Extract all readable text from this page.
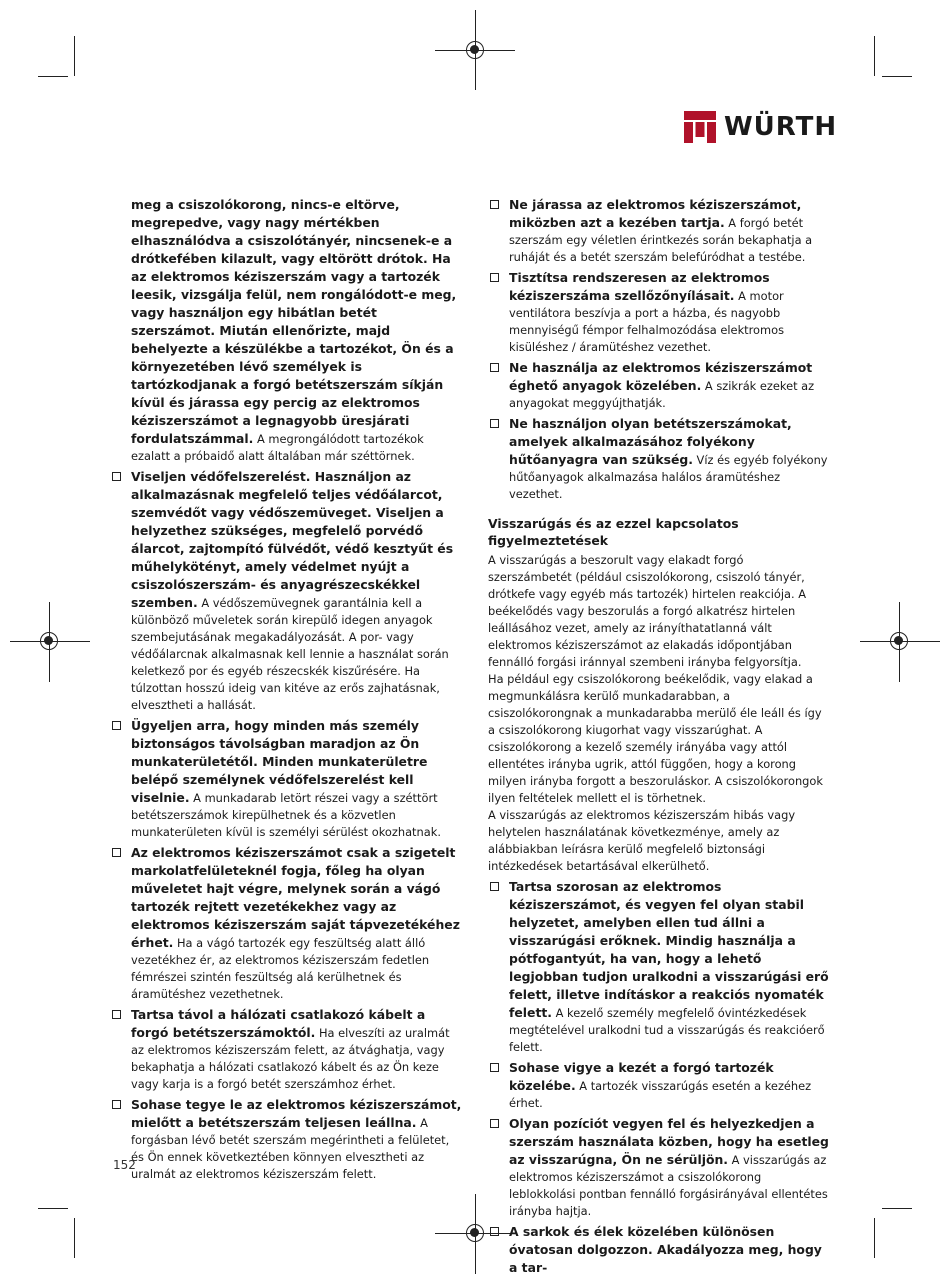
WÜRTH
meg a csiszolókorong, nincs-e eltörve, megrepedve, vagy nagy mértékben elhasználódva a csiszolótányér, nincsenek-e a drótkefében kilazult, vagy eltörött drótok. Ha az elektromos kéziszerszám vagy a tartozék leesik, vizsgálja felül, nem rongálódott-e meg, vagy használjon egy hibátlan betét szerszámot. Miután ellenőrizte, majd behelyezte a készülékbe a tartozékot, Ön és a környezetében lévő személyek is tartózkodjanak a forgó betétszerszám síkján kívül és járassa egy percig az elektromos kéziszerszámot a legnagyobb üresjárati fordulatszámmal. A megrongálódott tartozékok ezalatt a próbaidő alatt általában már széttörnek.
Viseljen védőfelszerelést. Használjon az alkalmazásnak megfelelő teljes védőálarcot, szemvédőt vagy védőszemüveget. Viseljen a helyzethez szükséges, megfelelő porvédő álarcot, zajtompító fülvédőt, védő kesztyűt és műhelykötényt, amely védelmet nyújt a csiszolószerszám- és anyagrészecskékkel szemben. A védőszemüvegnek garantálnia kell a különböző műveletek során kirepülő idegen anyagok szembejutásának megakadályozását. A por- vagy védőálarcnak alkalmasnak kell lennie a használat során keletkező por és egyéb részecskék kiszűrésére. Ha túlzottan hosszú ideig van kitéve az erős zajhatásnak, elvesztheti a hallását.
Ügyeljen arra, hogy minden más személy biztonságos távolságban maradjon az Ön munkaterületétől. Minden munkaterületre belépő személynek védőfelszerelést kell viselnie. A munkadarab letört részei vagy a széttört betétszerszámok kirepülhetnek és a közvetlen munkaterületen kívül is személyi sérülést okozhatnak.
Az elektromos kéziszerszámot csak a szigetelt markolatfelületeknél fogja, főleg ha olyan műveletet hajt végre, melynek során a vágó tartozék rejtett vezetékekhez vagy az elektromos kéziszerszám saját tápvezetékéhez érhet. Ha a vágó tartozék egy feszültség alatt álló vezetékhez ér, az elektromos kéziszerszám fedetlen fémrészei szintén feszültség alá kerülhetnek és áramütéshez vezethetnek.
Tartsa távol a hálózati csatlakozó kábelt a forgó betétszerszámoktól. Ha elveszíti az uralmát az elektromos kéziszerszám felett, az átvághatja, vagy bekaphatja a hálózati csatlakozó kábelt és az Ön keze vagy karja is a forgó betét szerszámhoz érhet.
Sohase tegye le az elektromos kéziszerszámot, mielőtt a betétszerszám teljesen leállna. A forgásban lévő betét szerszám megérintheti a felületet, és Ön ennek következtében könnyen elvesztheti az uralmát az elektromos kéziszerszám felett.
Ne járassa az elektromos kéziszerszámot, miközben azt a kezében tartja. A forgó betét szerszám egy véletlen érintkezés során bekaphatja a ruháját és a betét szerszám belefúródhat a testébe.
Tisztítsa rendszeresen az elektromos kéziszerszáma szellőzőnyílásait. A motor ventilátora beszívja a port a házba, és nagyobb mennyiségű fémpor felhalmozódása elektromos kisüléshez / áramütéshez vezethet.
Ne használja az elektromos kéziszerszámot éghető anyagok közelében. A szikrák ezeket az anyagokat meggyújthatják.
Ne használjon olyan betétszerszámokat, amelyek alkalmazásához folyékony hűtőanyagra van szükség. Víz és egyéb folyékony hűtőanyagok alkalmazása halálos áramütéshez vezethet.
Visszarúgás és az ezzel kapcsolatos figyelmeztetések

A visszarúgás a beszorult vagy elakadt forgó szerszámbetét (például csiszolókorong, csiszoló tányér, drótkefe vagy egyéb más tartozék) hirtelen reakciója. A beékelődés vagy beszorulás a forgó alkatrész hirtelen leállásához vezet, amely az irányíthatatlanná vált elektromos kéziszerszámot az elakadás időpontjában fennálló forgási iránnyal szembeni irányba felgyorsítja.

Ha például egy csiszolókorong beékelődik, vagy elakad a megmunkálásra kerülő munkadarabban, a csiszolókorongnak a munkadarabba merülő éle leáll és így a csiszolókorong kiugorhat vagy visszarúghat. A csiszolókorong a kezelő személy irányába vagy attól ellentétes irányba ugrik, attól függően, hogy a korong milyen irányba forgott a beszoruláskor. A csiszolókorongok ilyen feltételek mellett el is törhetnek.

A visszarúgás az elektromos kéziszerszám hibás vagy helytelen használatának következménye, amely az alábbiakban leírásra kerülő megfelelő biztonsági intézkedések betartásával elkerülhető.

Tartsa szorosan az elektromos kéziszerszámot, és vegyen fel olyan stabil helyzetet, amelyben ellen tud állni a visszarúgási erőknek. Mindig használja a pótfogantyút, ha van, hogy a lehető legjobban tudjon uralkodni a visszarúgási erő felett, illetve indításkor a reakciós nyomaték felett. A kezelő személy megfelelő óvintézkedések megtételével uralkodni tud a visszarúgás és reakcióerő felett.
Sohase vigye a kezét a forgó tartozék közelébe. A tartozék visszarúgás esetén a kezéhez érhet.
Olyan pozíciót vegyen fel és helyezkedjen a szerszám használata közben, hogy ha esetleg az visszarúgna, Ön ne sérüljön. A visszarúgás az elektromos kéziszerszámot a csiszolókorong leblokkolási pontban fennálló forgásirányával ellentétes irányba hajtja.
A sarkok és élek közelében különösen óvatosan dolgozzon. Akadályozza meg, hogy a tar-
152
